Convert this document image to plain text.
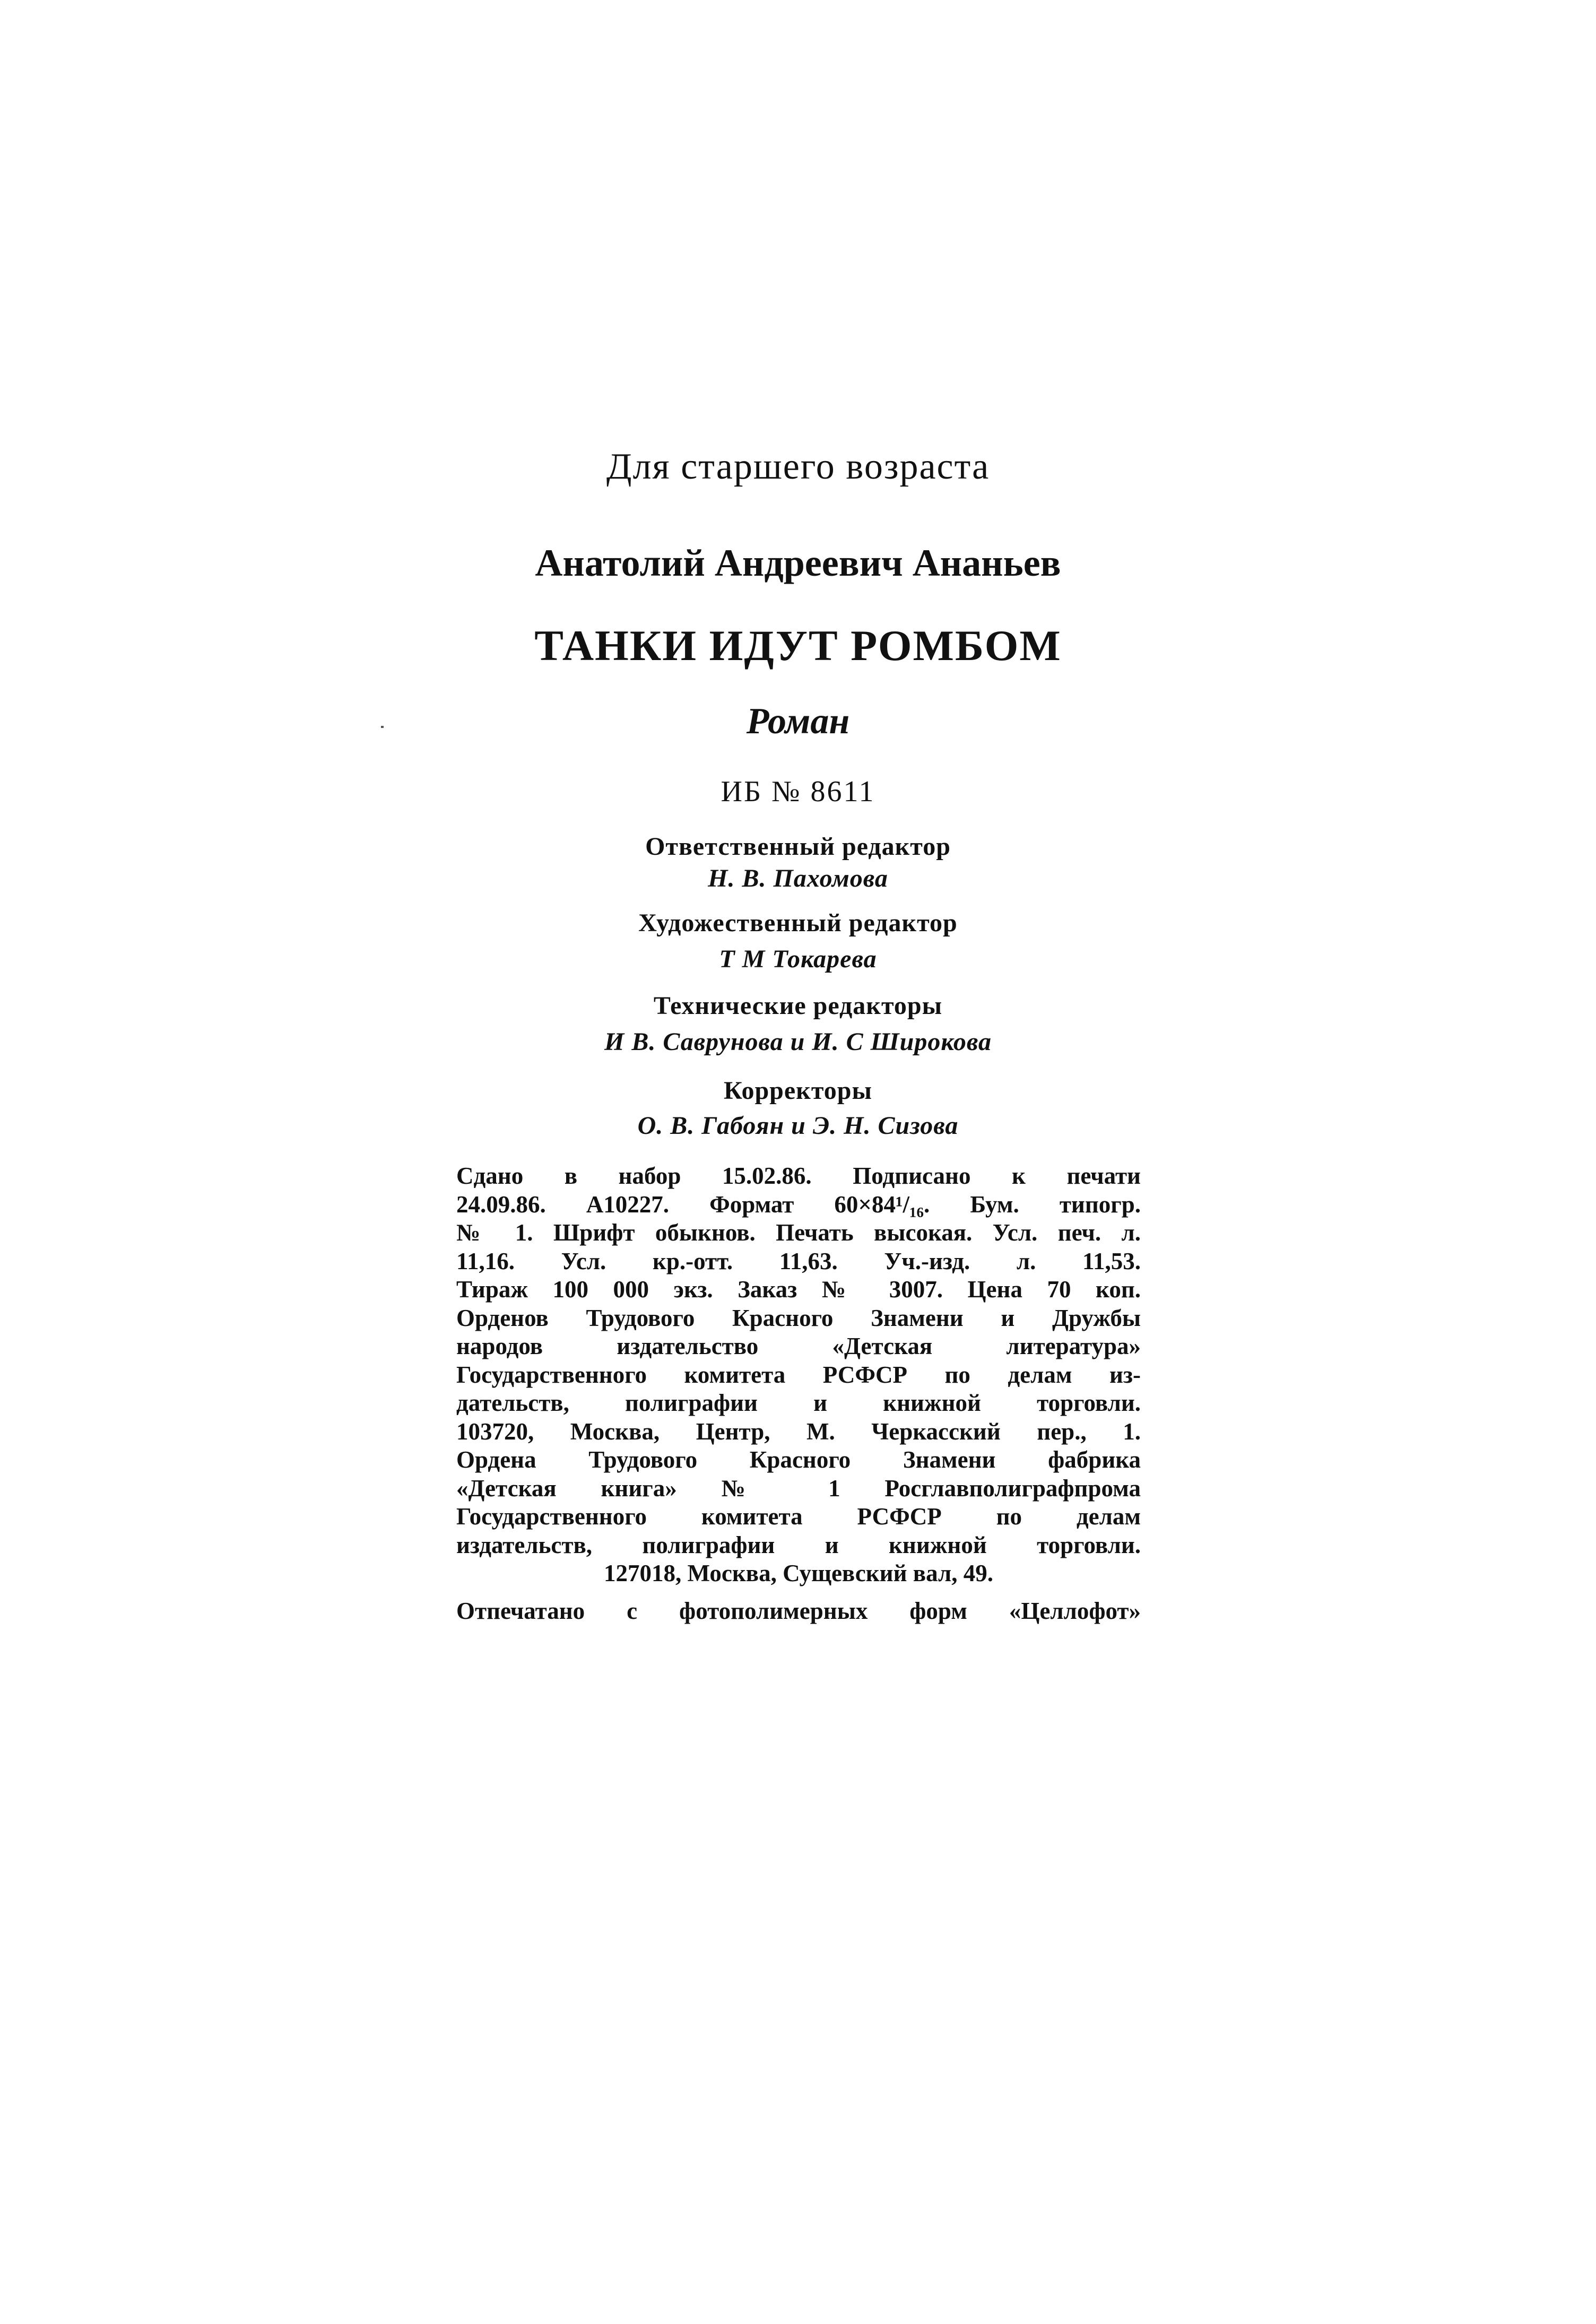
Для старшего возраста
Анатолий Андреевич Ананьев
ТАНКИ ИДУТ РОМБОМ
Роман
ИБ № 8611
Ответственный редактор
Н. В. Пахомова
Художественный редактор
Т М Токарева
Технические редакторы
И В. Саврунова и И. С Широкова
Корректоры
О. В. Габоян и Э. Н. Сизова
Сдано в набор 15.02.86. Подписано к печати
24.09.86. А10227. Формат 60×84¹/₁₆. Бум. типогр.
№ 1. Шрифт обыкнов. Печать высокая. Усл. печ. л.
11,16. Усл. кр.-отт. 11,63. Уч.-изд. л. 11,53.
Тираж 100 000 экз. Заказ № 3007. Цена 70 коп.
Орденов Трудового Красного Знамени и Дружбы
народов издательство «Детская литература»
Государственного комитета РСФСР по делам из-
дательств, полиграфии и книжной торговли.
103720, Москва, Центр, М. Черкасский пер., 1.
Ордена Трудового Красного Знамени фабрика
«Детская книга» № 1 Росглавполиграфпрома
Государственного комитета РСФСР по делам
издательств, полиграфии и книжной торговли.
127018, Москва, Сущевский вал, 49.
Отпечатано с фотополимерных форм «Целлофот»
